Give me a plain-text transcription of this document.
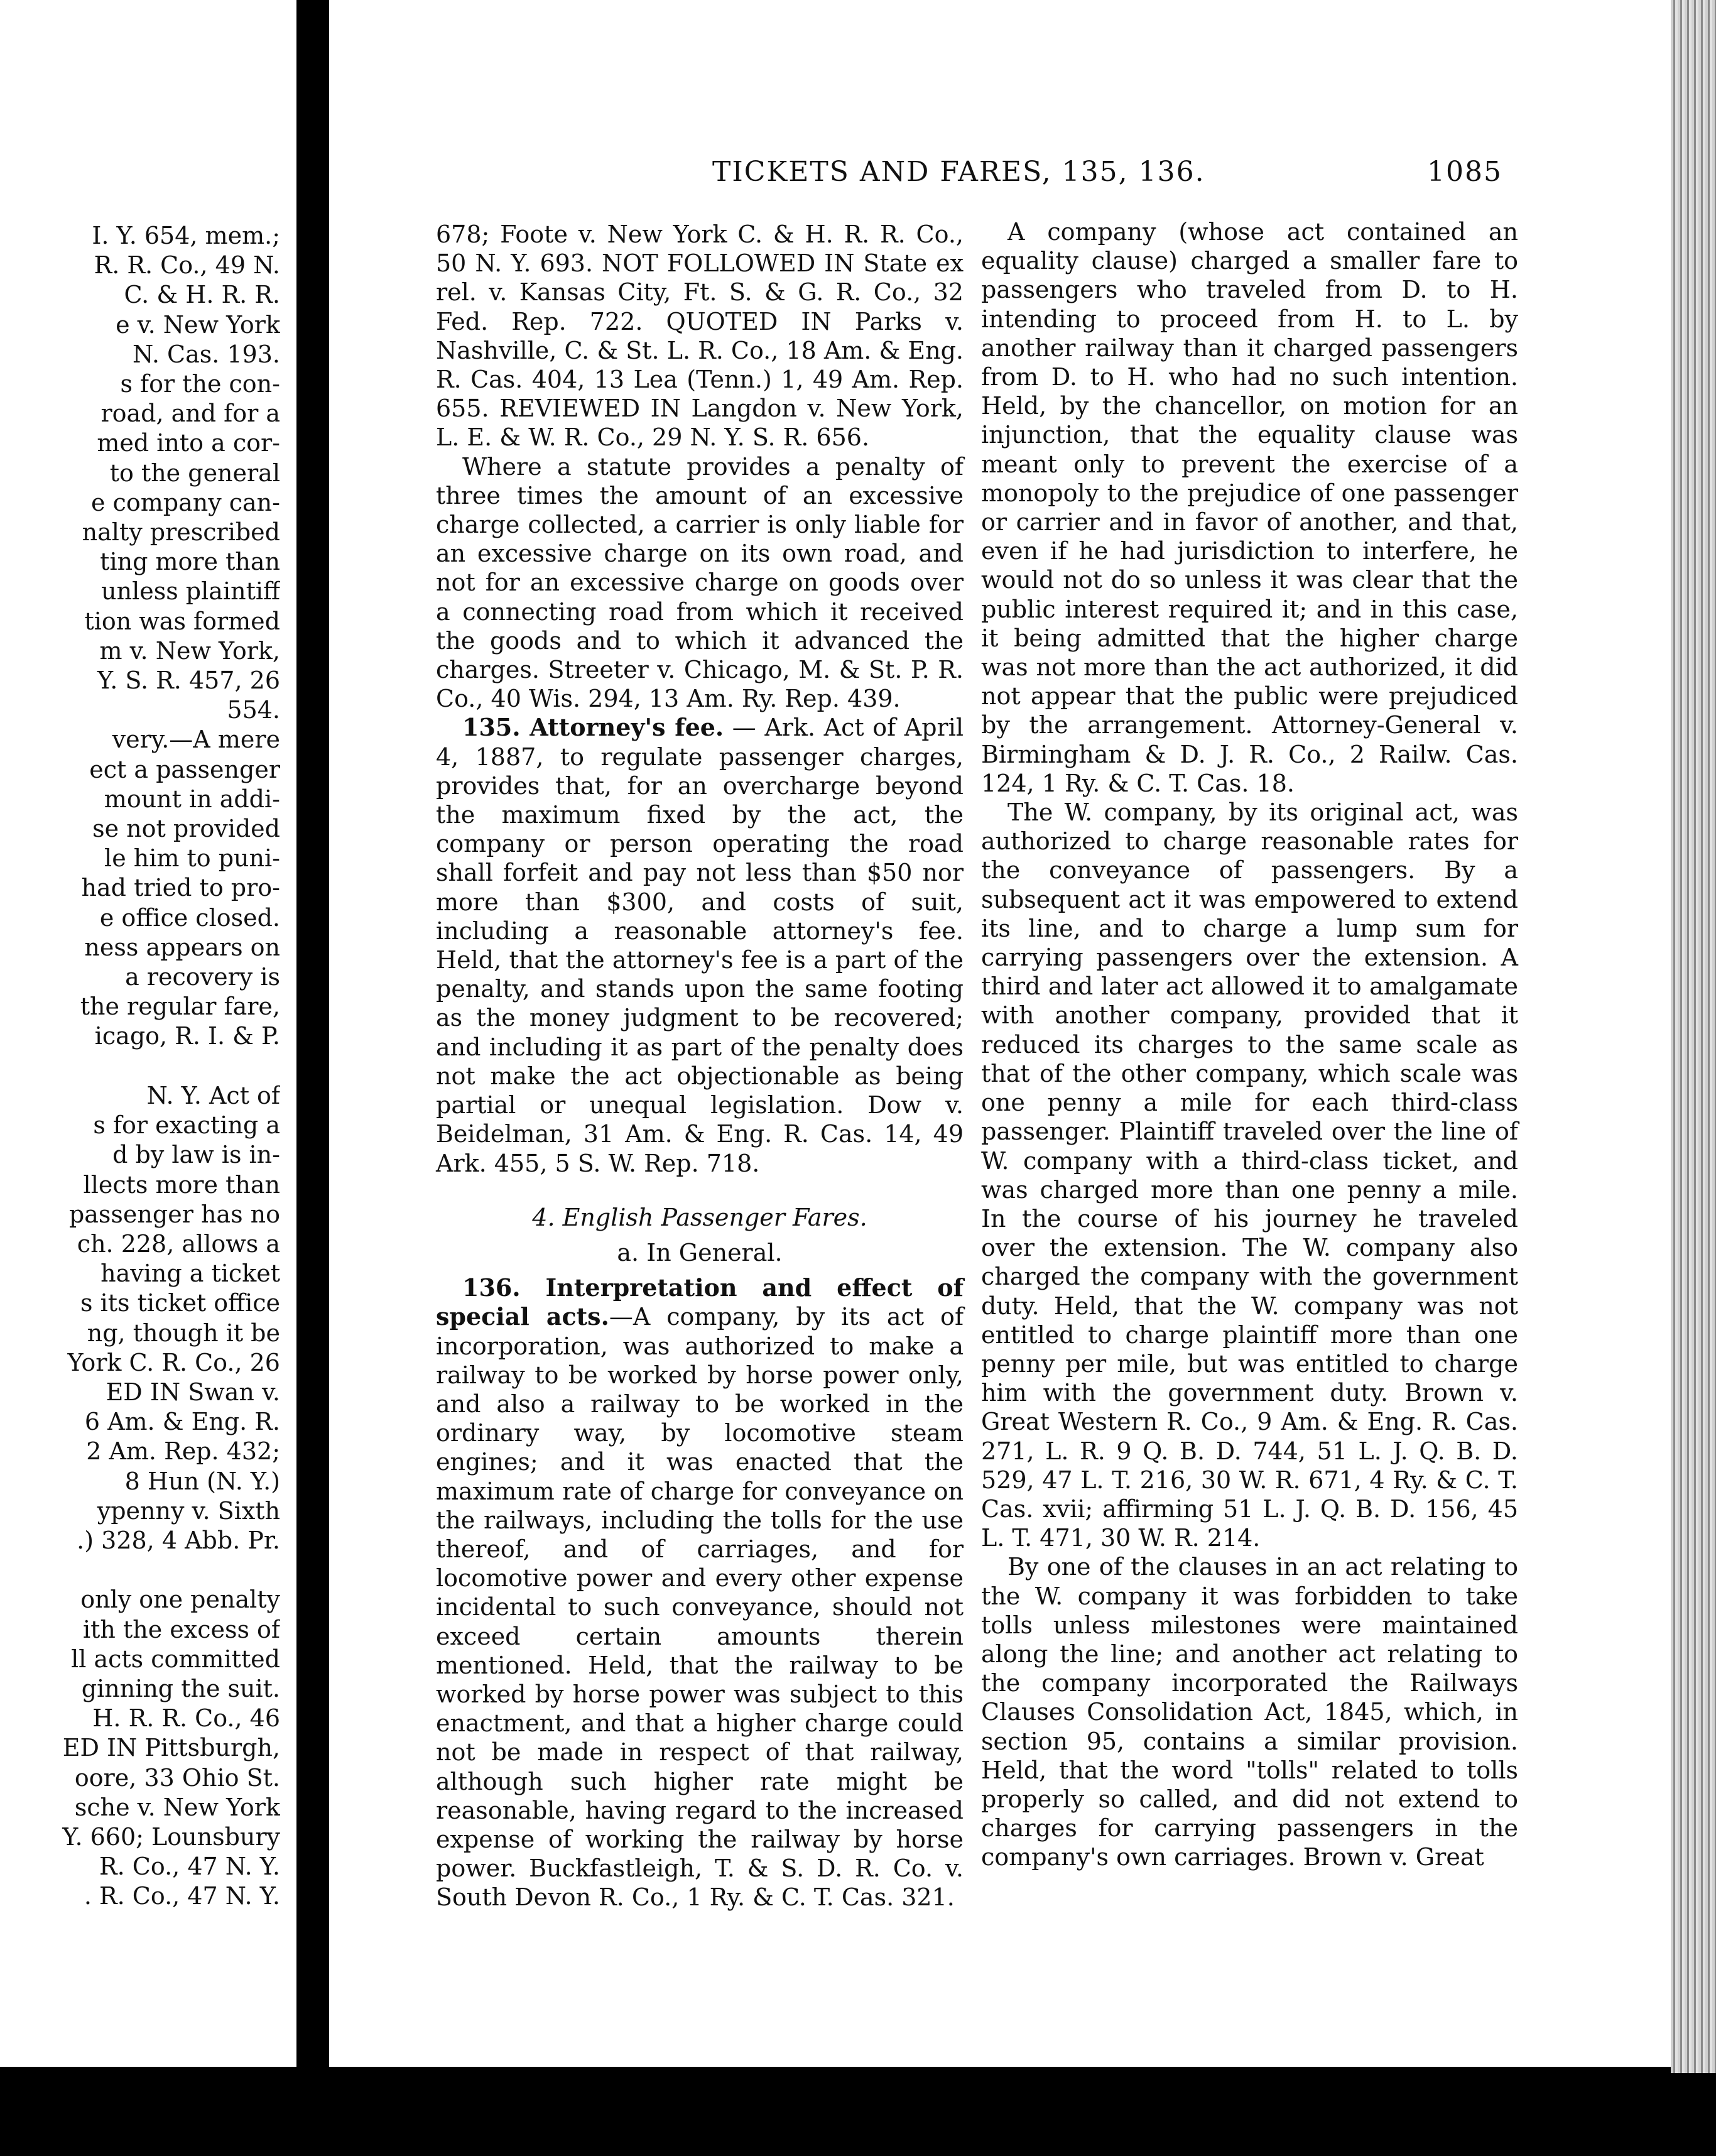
I. Y. 654, mem.;
R. R. Co., 49 N.
C. & H. R. R.
e v. New York
N. Cas. 193.
s for the con-
road, and for a
med into a cor-
to the general
e company can-
nalty prescribed
ting more than
unless plaintiff
tion was formed
m v. New York,
Y. S. R. 457, 26
554.
very.—A mere
ect a passenger
mount in addi-
se not provided
le him to puni-
had tried to pro-
e office closed.
ness appears on
a recovery is
the regular fare,
icago, R. I. & P.

N. Y. Act of
s for exacting a
d by law is in-
llects more than
passenger has no
ch. 228, allows a
having a ticket
s its ticket office
ng, though it be
York C. R. Co., 26
ED IN Swan v.
6 Am. & Eng. R.
2 Am. Rep. 432;
8 Hun (N. Y.)
ypenny v. Sixth
.) 328, 4 Abb. Pr.

only one penalty
ith the excess of
ll acts committed
ginning the suit.
H. R. R. Co., 46
ED IN Pittsburgh,
oore, 33 Ohio St.
sche v. New York
Y. 660; Lounsbury
R. Co., 47 N. Y.
. R. Co., 47 N. Y.
TICKETS AND FARES, 135, 136.	1085

678; Foote v. New York C. & H. R. R. Co., 50 N. Y. 693. NOT FOLLOWED IN State ex rel. v. Kansas City, Ft. S. & G. R. Co., 32 Fed. Rep. 722. QUOTED IN Parks v. Nashville, C. & St. L. R. Co., 18 Am. & Eng. R. Cas. 404, 13 Lea (Tenn.) 1, 49 Am. Rep. 655. REVIEWED IN Langdon v. New York, L. E. & W. R. Co., 29 N. Y. S. R. 656.

Where a statute provides a penalty of three times the amount of an excessive charge collected, a carrier is only liable for an excessive charge on its own road, and not for an excessive charge on goods over a connecting road from which it received the goods and to which it advanced the charges. Streeter v. Chicago, M. & St. P. R. Co., 40 Wis. 294, 13 Am. Ry. Rep. 439.

135. Attorney's fee. — Ark. Act of April 4, 1887, to regulate passenger charges, provides that, for an overcharge beyond the maximum fixed by the act, the company or person operating the road shall forfeit and pay not less than $50 nor more than $300, and costs of suit, including a reasonable attorney's fee. Held, that the attorney's fee is a part of the penalty, and stands upon the same footing as the money judgment to be recovered; and including it as part of the penalty does not make the act objectionable as being partial or unequal legislation. Dow v. Beidelman, 31 Am. & Eng. R. Cas. 14, 49 Ark. 455, 5 S. W. Rep. 718.

4. English Passenger Fares.

a. In General.

136. Interpretation and effect of special acts.—A company, by its act of incorporation, was authorized to make a railway to be worked by horse power only, and also a railway to be worked in the ordinary way, by locomotive steam engines; and it was enacted that the maximum rate of charge for conveyance on the railways, including the tolls for the use thereof, and of carriages, and for locomotive power and every other expense incidental to such conveyance, should not exceed certain amounts therein mentioned. Held, that the railway to be worked by horse power was subject to this enactment, and that a higher charge could not be made in respect of that railway, although such higher rate might be reasonable, having regard to the increased expense of working the railway by horse power. Buckfastleigh, T. & S. D. R. Co. v. South Devon R. Co., 1 Ry. & C. T. Cas. 321.

A company (whose act contained an equality clause) charged a smaller fare to passengers who traveled from D. to H. intending to proceed from H. to L. by another railway than it charged passengers from D. to H. who had no such intention. Held, by the chancellor, on motion for an injunction, that the equality clause was meant only to prevent the exercise of a monopoly to the prejudice of one passenger or carrier and in favor of another, and that, even if he had jurisdiction to interfere, he would not do so unless it was clear that the public interest required it; and in this case, it being admitted that the higher charge was not more than the act authorized, it did not appear that the public were prejudiced by the arrangement. Attorney-General v. Birmingham & D. J. R. Co., 2 Railw. Cas. 124, 1 Ry. & C. T. Cas. 18.

The W. company, by its original act, was authorized to charge reasonable rates for the conveyance of passengers. By a subsequent act it was empowered to extend its line, and to charge a lump sum for carrying passengers over the extension. A third and later act allowed it to amalgamate with another company, provided that it reduced its charges to the same scale as that of the other company, which scale was one penny a mile for each third-class passenger. Plaintiff traveled over the line of W. company with a third-class ticket, and was charged more than one penny a mile. In the course of his journey he traveled over the extension. The W. company also charged the company with the government duty. Held, that the W. company was not entitled to charge plaintiff more than one penny per mile, but was entitled to charge him with the government duty. Brown v. Great Western R. Co., 9 Am. & Eng. R. Cas. 271, L. R. 9 Q. B. D. 744, 51 L. J. Q. B. D. 529, 47 L. T. 216, 30 W. R. 671, 4 Ry. & C. T. Cas. xvii; affirming 51 L. J. Q. B. D. 156, 45 L. T. 471, 30 W. R. 214.

By one of the clauses in an act relating to the W. company it was forbidden to take tolls unless milestones were maintained along the line; and another act relating to the company incorporated the Railways Clauses Consolidation Act, 1845, which, in section 95, contains a similar provision. Held, that the word "tolls" related to tolls properly so called, and did not extend to charges for carrying passengers in the company's own carriages. Brown v. Great
